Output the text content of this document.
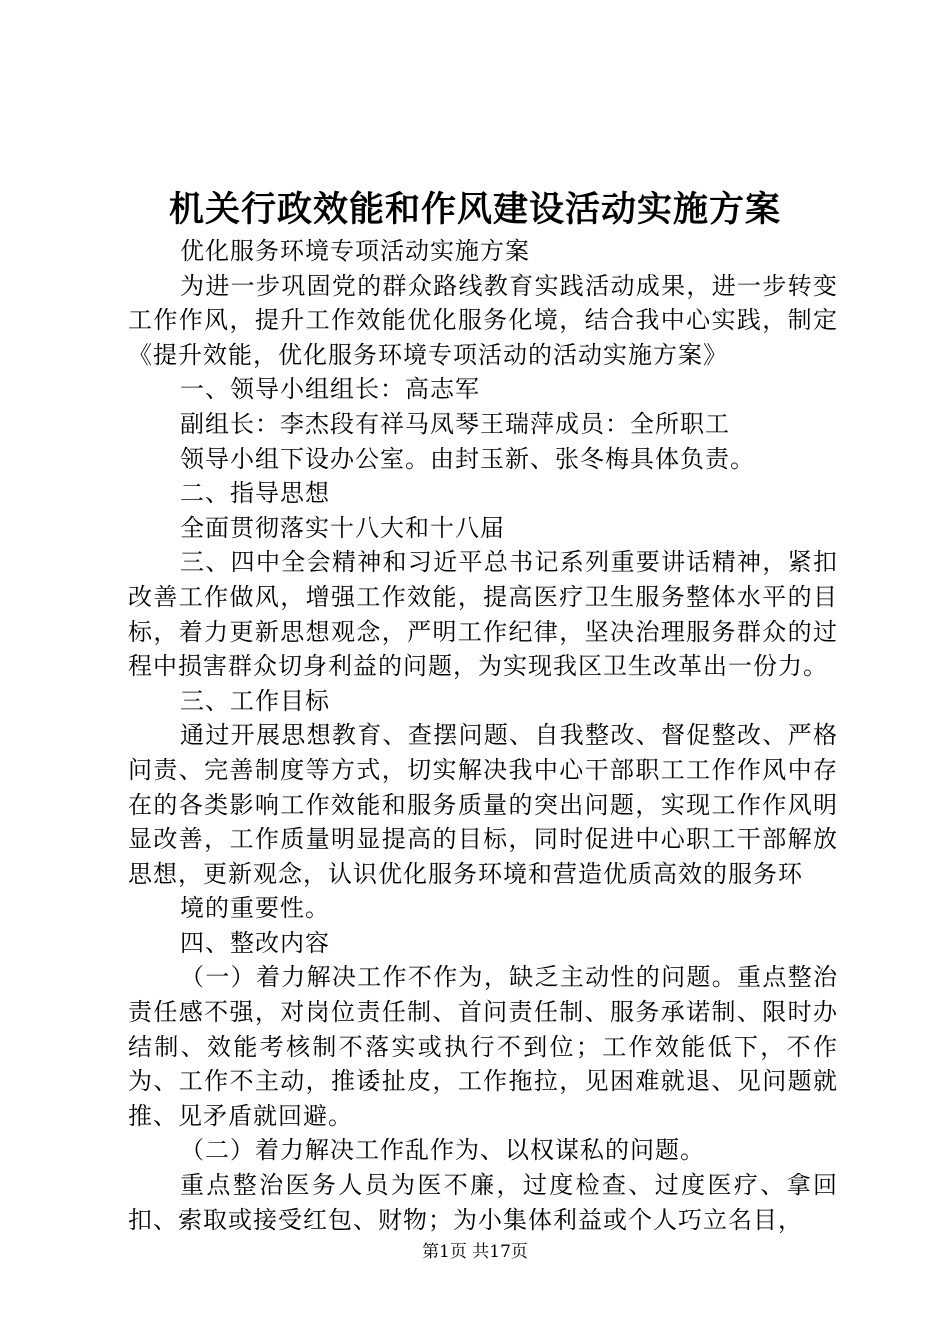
机关行政效能和作风建设活动实施方案

优化服务环境专项活动实施方案

为进一步巩固党的群众路线教育实践活动成果，进一步转变工作作风，提升工作效能优化服务化境，结合我中心实践，制定《提升效能，优化服务环境专项活动的活动实施方案》

一、领导小组组长：高志军

副组长：李杰段有祥马凤琴王瑞萍成员：全所职工

领导小组下设办公室。由封玉新、张冬梅具体负责。

二、指导思想

全面贯彻落实十八大和十八届

三、四中全会精神和习近平总书记系列重要讲话精神，紧扣改善工作做风，增强工作效能，提高医疗卫生服务整体水平的目标，着力更新思想观念，严明工作纪律，坚决治理服务群众的过程中损害群众切身利益的问题，为实现我区卫生改革出一份力。

三、工作目标

通过开展思想教育、查摆问题、自我整改、督促整改、严格问责、完善制度等方式，切实解决我中心干部职工工作作风中存在的各类影响工作效能和服务质量的突出问题，实现工作作风明显改善，工作质量明显提高的目标，同时促进中心职工干部解放思想，更新观念，认识优化服务环境和营造优质高效的服务环

境的重要性。

四、整改内容

（一）着力解决工作不作为，缺乏主动性的问题。重点整治责任感不强，对岗位责任制、首问责任制、服务承诺制、限时办结制、效能考核制不落实或执行不到位；工作效能低下，不作为、工作不主动，推诿扯皮，工作拖拉，见困难就退、见问题就推、见矛盾就回避。

（二）着力解决工作乱作为、以权谋私的问题。

重点整治医务人员为医不廉，过度检查、过度医疗、拿回扣、索取或接受红包、财物；为小集体利益或个人巧立名目，

第1页 共17页
